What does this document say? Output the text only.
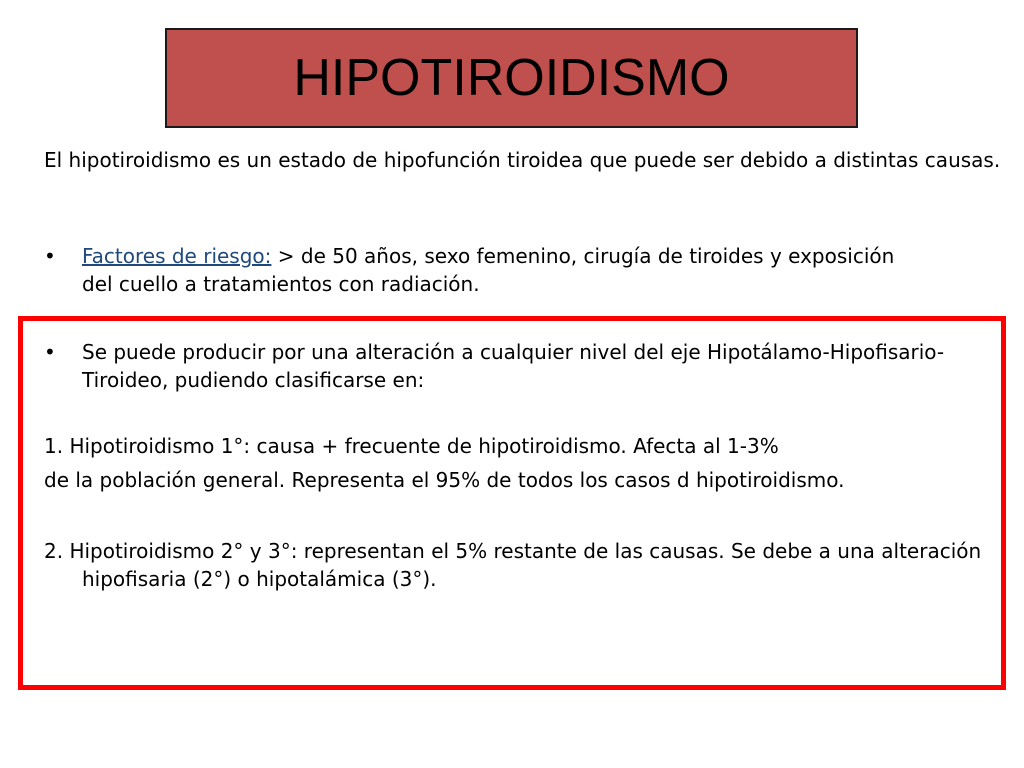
HIPOTIROIDISMO
El hipotiroidismo es un estado de hipofunción tiroidea que puede ser debido a distintas causas.
•	Factores de riesgo: > de 50 años, sexo femenino, cirugía de tiroides y exposición del cuello a tratamientos con radiación.
•	Se puede producir por una alteración a cualquier nivel del eje Hipotálamo-Hipofisario-Tiroideo, pudiendo clasificarse en:
1. Hipotiroidismo 1°: causa + frecuente de hipotiroidismo. Afecta al 1-3%
de la población general. Representa el 95% de todos los casos d hipotiroidismo.
2. Hipotiroidismo 2° y 3°: representan el 5% restante de las causas. Se debe a una alteración hipofisaria (2°) o hipotalámica (3°).
